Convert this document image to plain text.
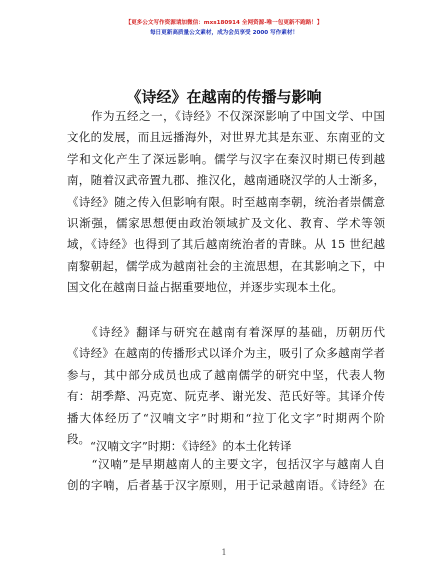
【更多公文写作资源请加微信：mxs180914 全网资源-唯一包更新不跑路！】
每日更新高质量公文素材，成为会员享受 2000 写作素材！
《诗经》在越南的传播与影响
　　作为五经之一，《诗经》不仅深深影响了中国文学、中国
文化的发展，而且远播海外，对世界尤其是东亚、东南亚的文
学和文化产生了深远影响。儒学与汉字在秦汉时期已传到越
南，随着汉武帝置九郡、推汉化，越南通晓汉学的人士渐多，
《诗经》随之传入但影响有限。时至越南李朝，统治者崇儒意
识渐强，儒家思想便由政治领域扩及文化、教育、学术等领
域，《诗经》也得到了其后越南统治者的青睐。从 15 世纪越
南黎朝起，儒学成为越南社会的主流思想，在其影响之下，中
国文化在越南日益占据重要地位，并逐步实现本土化。
　　《诗经》翻译与研究在越南有着深厚的基础，历朝历代
《诗经》在越南的传播形式以译介为主，吸引了众多越南学者
参与，其中部分成员也成了越南儒学的研究中坚，代表人物
有：胡季犛、冯克宽、阮克孝、谢光发、范氏好等。其译介传
播大体经历了“汉喃文字”时期和“拉丁化文字”时期两个阶
段。 “汉喃文字”时期：《诗经》的本土化转译
　　“汉喃”是早期越南人的主要文字，包括汉字与越南人自
创的字喃，后者基于汉字原则，用于记录越南语。《诗经》在
1
